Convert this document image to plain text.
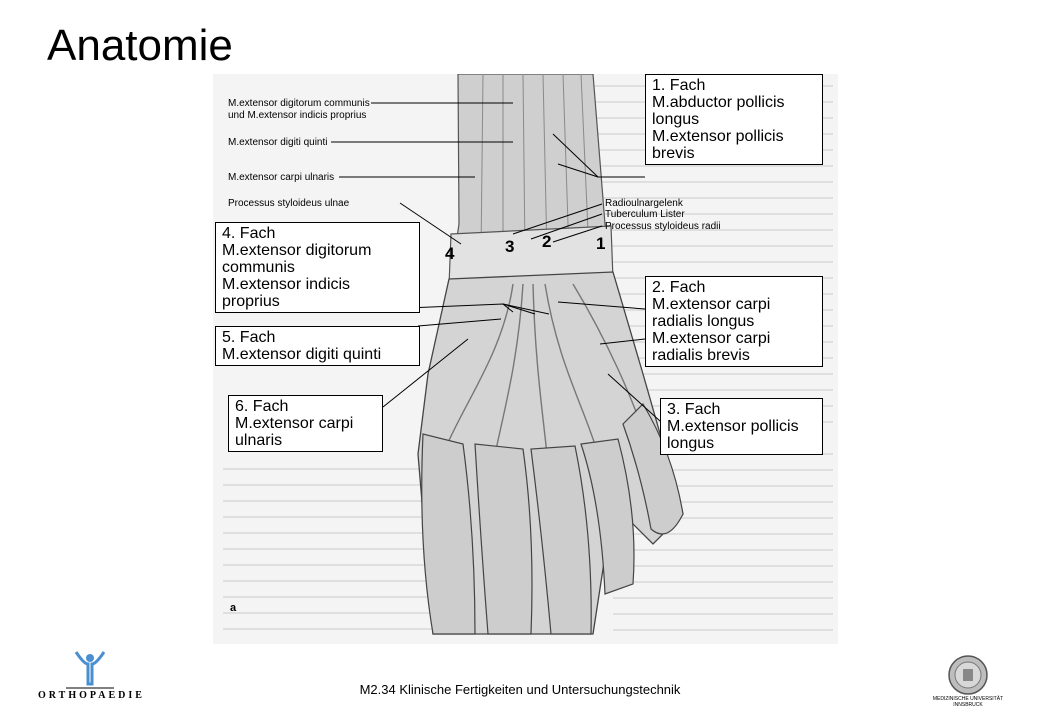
Anatomie
M.extensor digitorum communis
und M.extensor indicis proprius
M.extensor digiti quinti
M.extensor carpi ulnaris
Processus styloideus ulnae	Radioulnargelenk
Tuberculum Lister
Processus styloideus radii
4	3 2	1
1. Fach
M.abductor pollicis
longus
M.extensor pollicis
brevis
4. Fach
M.extensor digitorum
communis
M.extensor indicis
proprius
5. Fach
M.extensor digiti quinti
6. Fach
M.extensor carpi
ulnaris
2. Fach
M.extensor carpi
radialis longus
M.extensor carpi
radialis brevis
3. Fach
M.extensor pollicis
longus
a
ORTHOPAEDIE	M2.34 Klinische Fertigkeiten und Untersuchungstechnik
MEDIZINISCHE UNIVERSITÄT
INNSBRUCK
